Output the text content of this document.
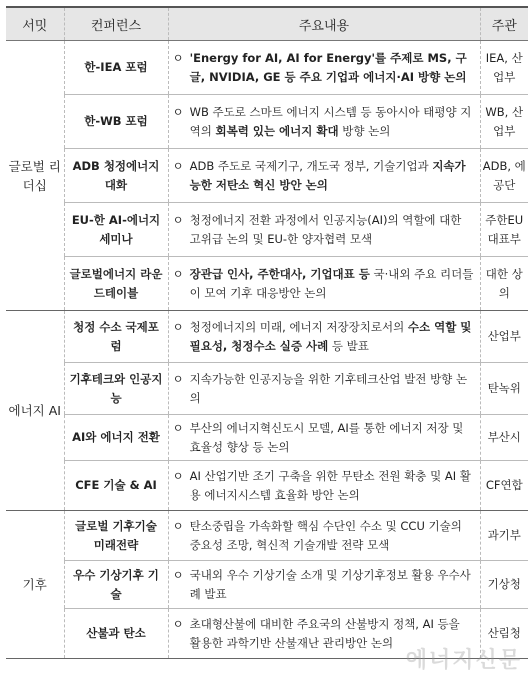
서밋	컨퍼런스	주요내용	주관
글로벌 리더십	한-IEA 포럼	ㅇ 'Energy for AI, AI for Energy'를 주제로 MS, 구글, NVIDIA, GE 등 주요 기업과 에너지·AI 방향 논의	IEA, 산업부
	한-WB 포럼	ㅇ WB 주도로 스마트 에너지 시스템 등 동아시아 태평양 지역의 회복력 있는 에너지 확대 방향 논의	WB, 산업부
	ADB 청정에너지 대화	ㅇ ADB 주도로 국제기구, 개도국 정부, 기술기업과 지속가능한 저탄소 혁신 방안 논의	ADB, 에공단
	EU-한 AI-에너지 세미나	ㅇ 청정에너지 전환 과정에서 인공지능(AI)의 역할에 대한 고위급 논의 및 EU-한 양자협력 모색	주한EU 대표부
	글로벌에너지 라운드테이블	ㅇ 장관급 인사, 주한대사, 기업대표 등 국·내외 주요 리더들이 모여 기후 대응방안 논의	대한 상의
에너지 AI	청정 수소 국제포럼	ㅇ 청정에너지의 미래, 에너지 저장장치로서의 수소 역할 및 필요성, 청정수소 실증 사례 등 발표	산업부
	기후테크와 인공지능	ㅇ 지속가능한 인공지능을 위한 기후테크산업 발전 방향 논의	탄녹위
	AI와 에너지 전환	ㅇ 부산의 에너지혁신도시 모델, AI를 통한 에너지 저장 및 효율성 향상 등 논의	부산시
	CFE 기술 & AI	ㅇ AI 산업기반 조기 구축을 위한 무탄소 전원 확충 및 AI 활용 에너지시스템 효율화 방안 논의	CF연합
기후	글로벌 기후기술 미래전략	ㅇ 탄소중립을 가속화할 핵심 수단인 수소 및 CCU 기술의 중요성 조망, 혁신적 기술개발 전략 모색	과기부
	우수 기상기후 기술	ㅇ 국내외 우수 기상기술 소개 및 기상기후정보 활용 우수사례 발표	기상청
	산불과 탄소	ㅇ 초대형산불에 대비한 주요국의 산불방지 정책, AI 등을 활용한 과학기반 산불재난 관리방안 논의	산림청
에너지신문
